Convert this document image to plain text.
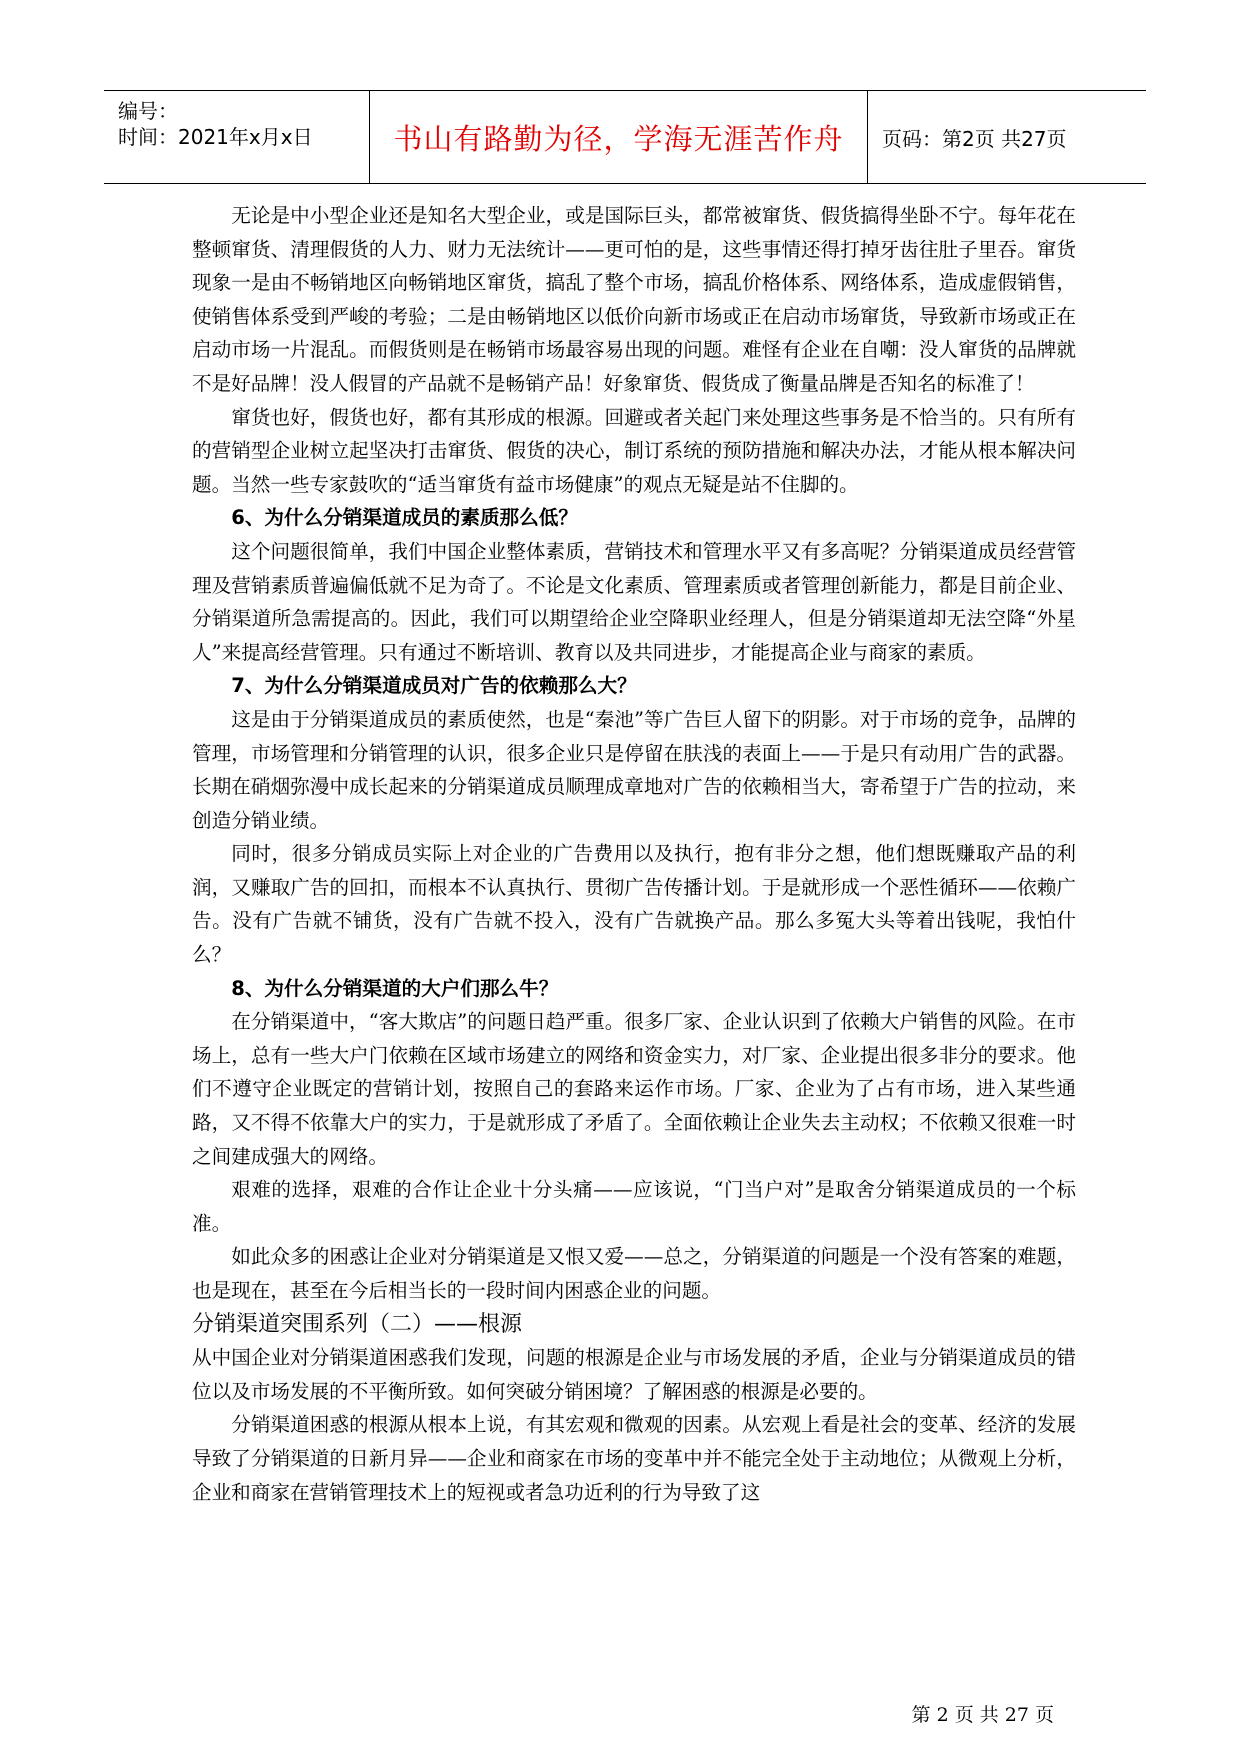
编号：
时间：2021年x月x日	书山有路勤为径，学海无涯苦作舟 页码：第2页 共27页

无论是中小型企业还是知名大型企业，或是国际巨头，都常被窜货、假货搞得坐卧不宁。每年花在整顿窜货、清理假货的人力、财力无法统计——更可怕的是，这些事情还得打掉牙齿往肚子里吞。窜货现象一是由不畅销地区向畅销地区窜货，搞乱了整个市场，搞乱价格体系、网络体系，造成虚假销售，使销售体系受到严峻的考验；二是由畅销地区以低价向新市场或正在启动市场窜货，导致新市场或正在启动市场一片混乱。而假货则是在畅销市场最容易出现的问题。难怪有企业在自嘲：没人窜货的品牌就不是好品牌！没人假冒的产品就不是畅销产品！好象窜货、假货成了衡量品牌是否知名的标准了！

窜货也好，假货也好，都有其形成的根源。回避或者关起门来处理这些事务是不恰当的。只有所有的营销型企业树立起坚决打击窜货、假货的决心，制订系统的预防措施和解决办法，才能从根本解决问题。当然一些专家鼓吹的“适当窜货有益市场健康”的观点无疑是站不住脚的。

6、为什么分销渠道成员的素质那么低？

这个问题很简单，我们中国企业整体素质，营销技术和管理水平又有多高呢？分销渠道成员经营管理及营销素质普遍偏低就不足为奇了。不论是文化素质、管理素质或者管理创新能力，都是目前企业、分销渠道所急需提高的。因此，我们可以期望给企业空降职业经理人，但是分销渠道却无法空降“外星人”来提高经营管理。只有通过不断培训、教育以及共同进步，才能提高企业与商家的素质。

7、为什么分销渠道成员对广告的依赖那么大？

这是由于分销渠道成员的素质使然，也是“秦池”等广告巨人留下的阴影。对于市场的竞争，品牌的管理，市场管理和分销管理的认识，很多企业只是停留在肤浅的表面上——于是只有动用广告的武器。长期在硝烟弥漫中成长起来的分销渠道成员顺理成章地对广告的依赖相当大，寄希望于广告的拉动，来创造分销业绩。

同时，很多分销成员实际上对企业的广告费用以及执行，抱有非分之想，他们想既赚取产品的利润，又赚取广告的回扣，而根本不认真执行、贯彻广告传播计划。于是就形成一个恶性循环——依赖广告。没有广告就不铺货，没有广告就不投入，没有广告就换产品。那么多冤大头等着出钱呢，我怕什么？

8、为什么分销渠道的大户们那么牛？

在分销渠道中，“客大欺店”的问题日趋严重。很多厂家、企业认识到了依赖大户销售的风险。在市场上，总有一些大户门依赖在区域市场建立的网络和资金实力，对厂家、企业提出很多非分的要求。他们不遵守企业既定的营销计划，按照自己的套路来运作市场。厂家、企业为了占有市场，进入某些通路，又不得不依靠大户的实力，于是就形成了矛盾了。全面依赖让企业失去主动权；不依赖又很难一时之间建成强大的网络。

艰难的选择，艰难的合作让企业十分头痛——应该说，“门当户对”是取舍分销渠道成员的一个标准。

如此众多的困惑让企业对分销渠道是又恨又爱——总之，分销渠道的问题是一个没有答案的难题，也是现在，甚至在今后相当长的一段时间内困惑企业的问题。

分销渠道突围系列（二）——根源

从中国企业对分销渠道困惑我们发现，问题的根源是企业与市场发展的矛盾，企业与分销渠道成员的错位以及市场发展的不平衡所致。如何突破分销困境？了解困惑的根源是必要的。

分销渠道困惑的根源从根本上说，有其宏观和微观的因素。从宏观上看是社会的变革、经济的发展导致了分销渠道的日新月异——企业和商家在市场的变革中并不能完全处于主动地位；从微观上分析，企业和商家在营销管理技术上的短视或者急功近利的行为导致了这

第 2 页 共 27 页
